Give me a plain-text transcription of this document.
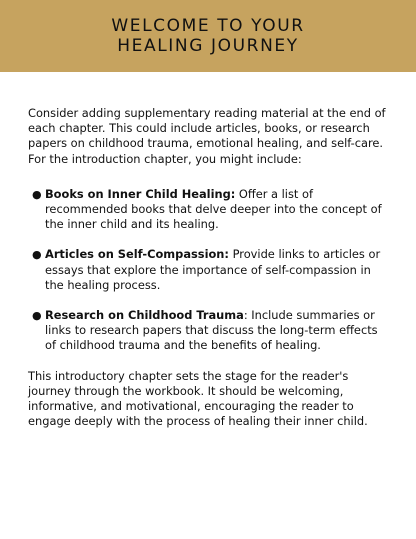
WELCOME TO YOUR
HEALING JOURNEY

Consider adding supplementary reading material at the end of each chapter. This could include articles, books, or research papers on childhood trauma, emotional healing, and self-care. For the introduction chapter, you might include:

● Books on Inner Child Healing: Offer a list of recommended books that delve deeper into the concept of the inner child and its healing.
● Articles on Self-Compassion: Provide links to articles or essays that explore the importance of self-compassion in the healing process.
● Research on Childhood Trauma: Include summaries or links to research papers that discuss the long-term effects of childhood trauma and the benefits of healing.

This introductory chapter sets the stage for the reader's journey through the workbook. It should be welcoming, informative, and motivational, encouraging the reader to engage deeply with the process of healing their inner child.
